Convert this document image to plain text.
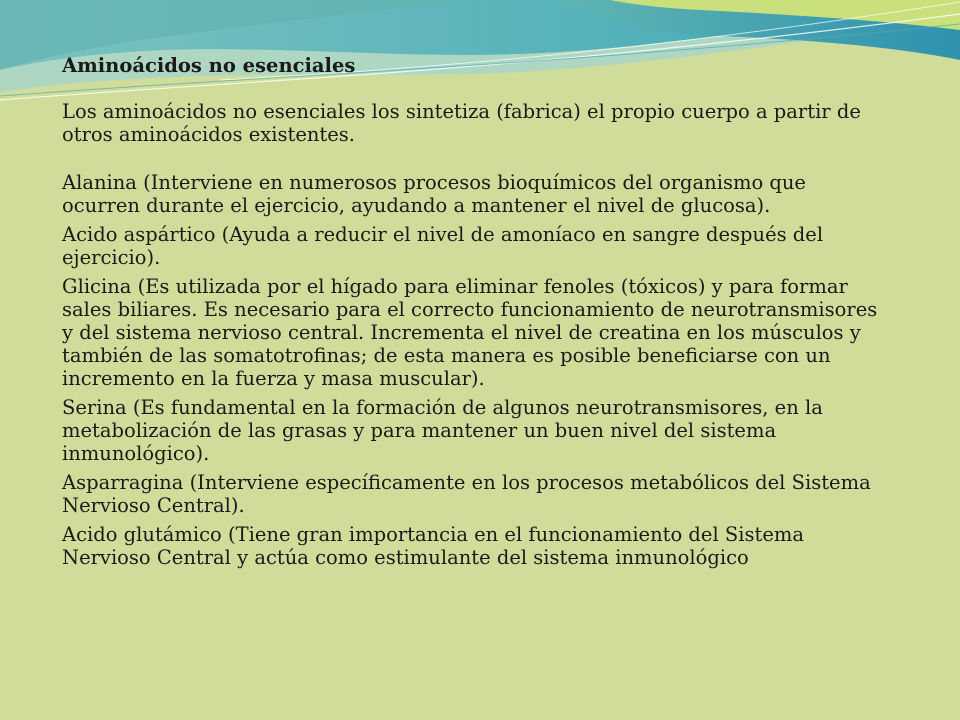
Aminoácidos no esenciales

Los aminoácidos no esenciales los sintetiza (fabrica) el propio cuerpo a partir de otros aminoácidos existentes.

Alanina (Interviene en numerosos procesos bioquímicos del organismo que ocurren durante el ejercicio, ayudando a mantener el nivel de glucosa).

Acido aspártico (Ayuda a reducir el nivel de amoníaco en sangre después del ejercicio).

Glicina (Es utilizada por el hígado para eliminar fenoles (tóxicos) y para formar sales biliares. Es necesario para el correcto funcionamiento de neurotransmisores y del sistema nervioso central. Incrementa el nivel de creatina en los músculos y también de las somatotrofinas; de esta manera es posible beneficiarse con un incremento en la fuerza y masa muscular).

Serina (Es fundamental en la formación de algunos neurotransmisores, en la metabolización de las grasas y para mantener un buen nivel del sistema inmunológico).

Asparragina (Interviene específicamente en los procesos metabólicos del Sistema Nervioso Central).

Acido glutámico (Tiene gran importancia en el funcionamiento del Sistema Nervioso Central y actúa como estimulante del sistema inmunológico
